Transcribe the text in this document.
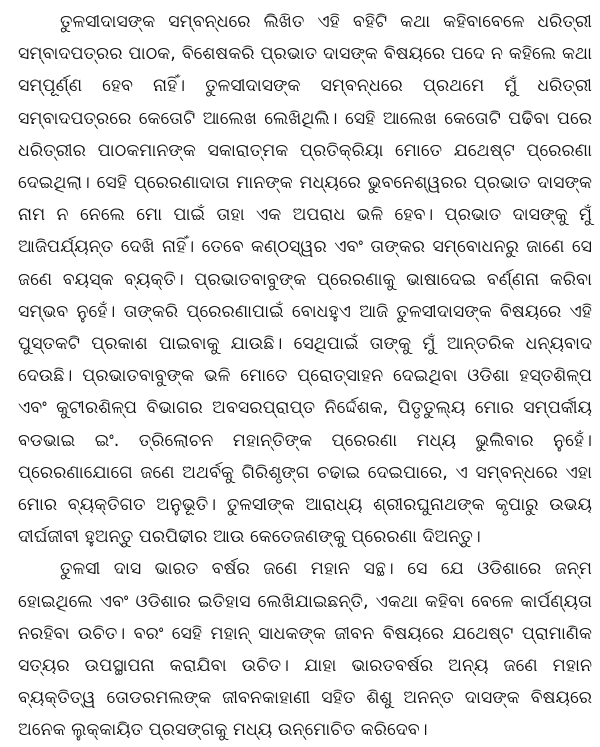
ତୁଳସୀଦାସଙ୍କ ସମ୍ବନ୍ଧରେ ଲିଖିତ ଏହି ବହିଟି କଥା କହିବାବେଳେ ଧରିତ୍ରୀ ସମ୍ବାଦପତ୍ରର ପାଠକ, ବିଶେଷକରି ପ୍ରଭାତ ଦାସଙ୍କ ବିଷୟରେ ପଦେ ନ କହିଲେ କଥା ସମ୍ପୂର୍ଣ୍ଣ ହେବ ନାହିଁ। ତୁଳସୀଦାସଙ୍କ ସମ୍ବନ୍ଧରେ ପ୍ରଥମେ ମୁଁ ଧରିତ୍ରୀ ସମ୍ବାଦପତ୍ରରେ କେତୋଟି ଆଲେଖ ଲେଖିଥିଲି। ସେହି ଆଲେଖ କେତୋଟି ପଢିବା ପରେ ଧରିତ୍ରୀର ପାଠକମାନଙ୍କ ସକାରାତ୍ମକ ପ୍ରତିକ୍ରିୟା ମୋତେ ଯଥେଷ୍ଟ ପ୍ରେରଣା ଦେଇଥିଲା। ସେହି ପ୍ରେରଣାଦାତା ମାନଙ୍କ ମଧ୍ୟରେ ଭୁବନେଶ୍ୱରର ପ୍ରଭାତ ଦାସଙ୍କ ନାମ ନ ନେଲେ ମୋ ପାଇଁ ତାହା ଏକ ଅପରାଧ ଭଳି ହେବ। ପ୍ରଭାତ ଦାସଙ୍କୁ ମୁଁ ଆଜିପର୍ଯ୍ୟନ୍ତ ଦେଖି ନାହିଁ। ତେବେ କଣ୍ଠସ୍ୱର ଏବଂ ତାଙ୍କର ସମ୍ବୋଧନରୁ ଜାଣେ ସେ ଜଣେ ବୟସ୍କ ବ୍ୟକ୍ତି। ପ୍ରଭାତବାବୁଙ୍କ ପ୍ରେରଣାକୁ ଭାଷାଦେଇ ବର୍ଣ୍ଣନା କରିବା ସମ୍ଭବ ନୁହେଁ। ତାଙ୍କରି ପ୍ରେରଣାପାଇଁ ବୋଧହୁଏ ଆଜି ତୁଳସୀଦାସଙ୍କ ବିଷୟରେ ଏହି ପୁସ୍ତକଟି ପ୍ରକାଶ ପାଇବାକୁ ଯାଉଛି। ସେଥିପାଇଁ ତାଙ୍କୁ ମୁଁ ଆନ୍ତରିକ ଧନ୍ୟବାଦ ଦେଉଛି। ପ୍ରଭାତବାବୁଙ୍କ ଭଳି ମୋତେ ପ୍ରୋତ୍ସାହନ ଦେଇଥିବା ଓଡିଶା ହସ୍ତଶିଳ୍ପ ଏବଂ କୁଟୀରଶିଳ୍ପ ବିଭାଗର ଅବସରପ୍ରାପ୍ତ ନିର୍ଦ୍ଦେଶକ, ପିତୃତୁଲ୍ୟ ମୋର ସମ୍ପର୍କୀୟ ବଡଭାଇ ଇଂ. ତ୍ରିଲୋଚନ ମହାନ୍ତିଙ୍କ ପ୍ରେରଣା ମଧ୍ୟ ଭୁଲିବାର ନୁହେଁ। ପ୍ରେରଣାଯୋଗେ ଜଣେ ଅଥର୍ବକୁ ଗିରିଶୃଙ୍ଗ ଚଢାଇ ଦେଇପାରେ, ଏ ସମ୍ବନ୍ଧରେ ଏହା ମୋର ବ୍ୟକ୍ତିଗତ ଅନୁଭୂତି। ତୁଳସୀଙ୍କ ଆରାଧ୍ୟ ଶ୍ରୀରଘୁନାଥଙ୍କ କୃପାରୁ ଉଭୟ ଦୀର୍ଘଜୀବୀ ହୁଅନ୍ତୁ ପରପିଢୀର ଆଉ କେତେଜଣଙ୍କୁ ପ୍ରେରଣା ଦିଅନ୍ତୁ।

ତୁଳସୀ ଦାସ ଭାରତ ବର୍ଷର ଜଣେ ମହାନ ସନ୍ଥ। ସେ ଯେ ଓଡିଶାରେ ଜନ୍ମ ହୋଇଥିଲେ ଏବଂ ଓଡିଶାର ଇତିହାସ ଲେଖିଯାଇଛନ୍ତି, ଏକଥା କହିବା ବେଳେ କାର୍ପଣ୍ୟତା ନରହିବା ଉଚିତ। ବରଂ ସେହି ମହାନ୍ ସାଧକଙ୍କ ଜୀବନ ବିଷୟରେ ଯଥେଷ୍ଟ ପ୍ରାମାଣିକ ସତ୍ୟର ଉପସ୍ଥାପନା କରାଯିବା ଉଚିତ। ଯାହା ଭାରତବର୍ଷର ଅନ୍ୟ ଜଣେ ମହାନ ବ୍ୟକ୍ତିତ୍ୱ ତୋଡରମଲଙ୍କ ଜୀବନକାହାଣୀ ସହିତ ଶିଶୁ ଅନନ୍ତ ଦାସଙ୍କ ବିଷୟରେ ଅନେକ ଲୁକ୍କାୟିତ ପ୍ରସଙ୍ଗକୁ ମଧ୍ୟ ଉନ୍ମୋଚିତ କରିଦେବ।
